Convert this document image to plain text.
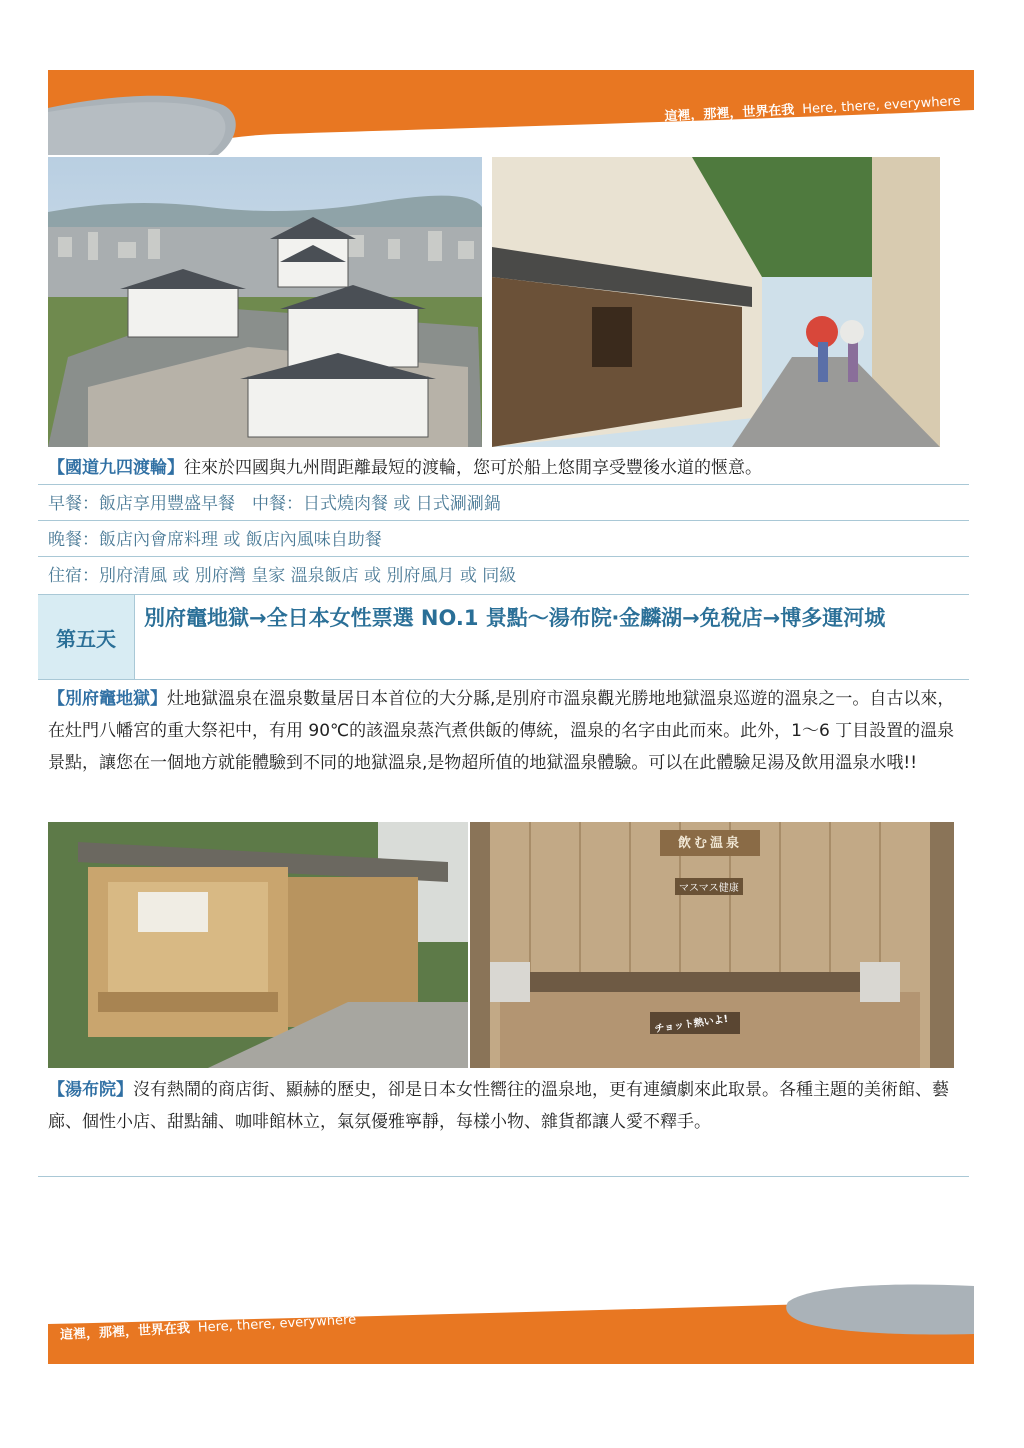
這裡，那裡，世界在我 Here, there, everywhere
【國道九四渡輪】往來於四國與九州間距離最短的渡輪，您可於船上悠閒享受豐後水道的愜意。
早餐：飯店享用豐盛早餐　中餐：日式燒肉餐 或 日式涮涮鍋
晚餐：飯店內會席料理 或 飯店內風味自助餐
住宿：別府清風 或 別府灣 皇家 溫泉飯店 或 別府風月 或 同級
第五天
別府竈地獄→全日本女性票選 NO.1 景點～湯布院‧金麟湖→免稅店→博多運河城
【別府竈地獄】灶地獄溫泉在溫泉數量居日本首位的大分縣,是別府市溫泉觀光勝地地獄溫泉巡遊的溫泉之一。自古以來，在灶門八幡宮的重大祭祀中，有用 90℃的該溫泉蒸汽煮供飯的傳統，溫泉的名字由此而來。此外，1～6 丁目設置的溫泉景點，讓您在一個地方就能體驗到不同的地獄溫泉,是物超所值的地獄溫泉體驗。可以在此體驗足湯及飲用溫泉水哦!!
飲む温泉
マスマス健康
チョット熱いよ!
【湯布院】沒有熱鬧的商店街、顯赫的歷史，卻是日本女性嚮往的溫泉地，更有連續劇來此取景。各種主題的美術館、藝廊、個性小店、甜點舖、咖啡館林立，氣氛優雅寧靜，每樣小物、雜貨都讓人愛不釋手。
這裡，那裡，世界在我 Here, there, everywhere
